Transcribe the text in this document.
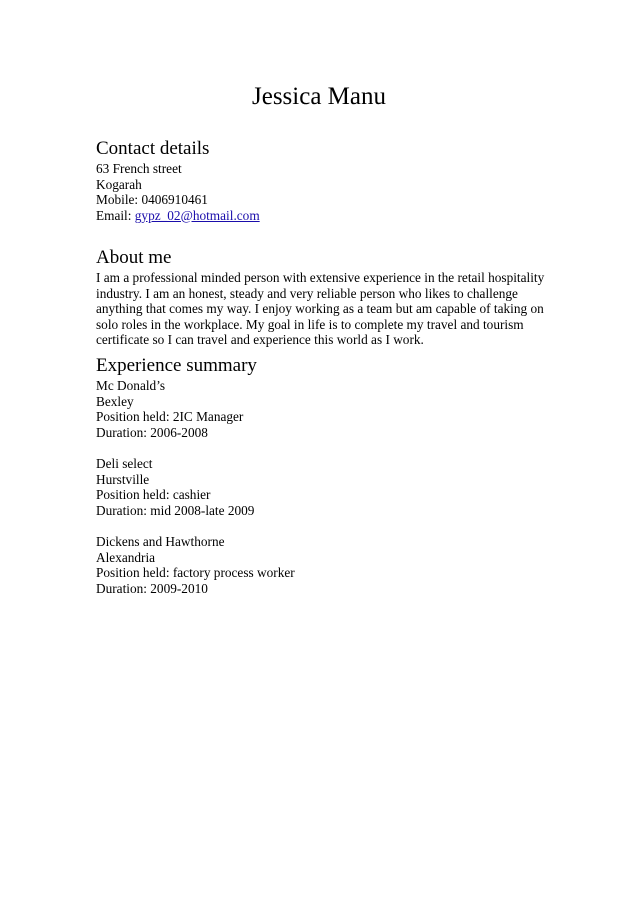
Jessica Manu
Contact details
63 French street
Kogarah
Mobile: 0406910461
Email: gypz_02@hotmail.com
About me
I am a professional minded person with extensive experience in the retail hospitality
industry. I am an honest, steady and very reliable person who likes to challenge
anything that comes my way. I enjoy working as a team but am capable of taking on
solo roles in the workplace. My goal in life is to complete my travel and tourism
certificate so I can travel and experience this world as I work.
Experience summary
Mc Donald’s
Bexley
Position held: 2IC Manager
Duration: 2006-2008
Deli select
Hurstville
Position held: cashier
Duration: mid 2008-late 2009
Dickens and Hawthorne
Alexandria
Position held: factory process worker
Duration: 2009-2010
